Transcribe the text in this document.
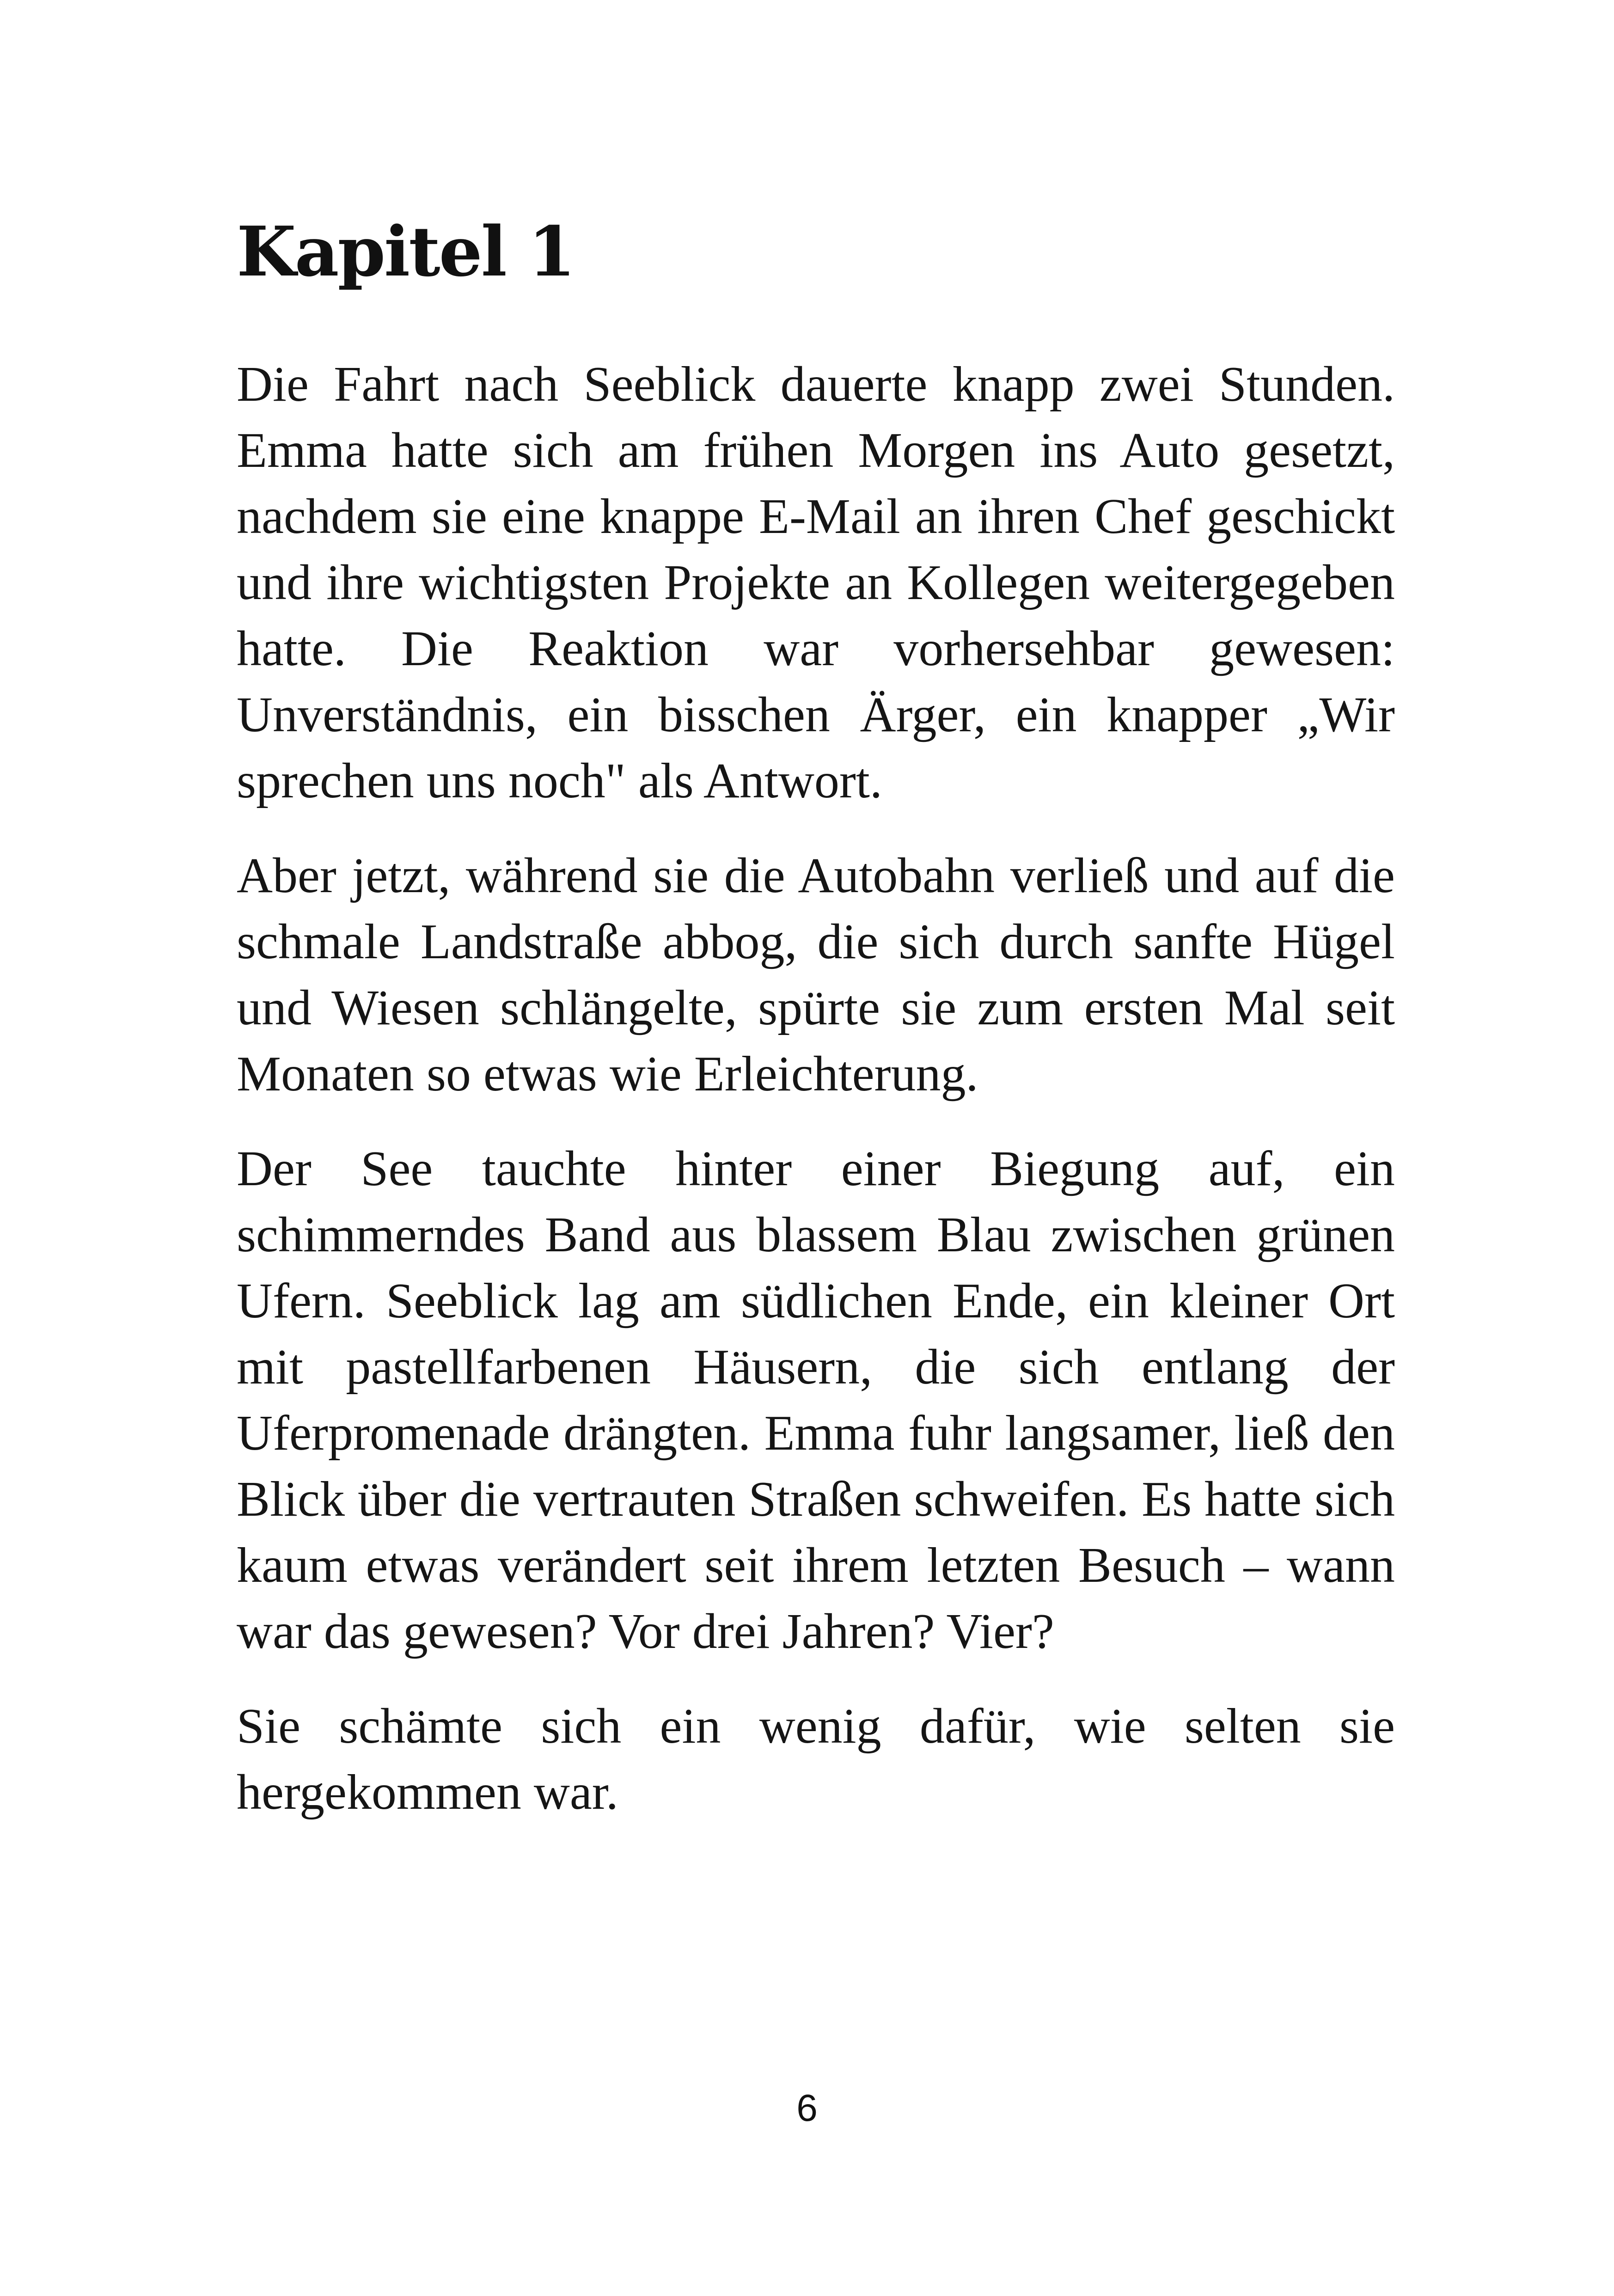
Kapitel 1

Die Fahrt nach Seeblick dauerte knapp zwei Stunden. Emma hatte sich am frühen Morgen ins Auto gesetzt, nachdem sie eine knappe E-Mail an ihren Chef geschickt und ihre wichtigsten Projekte an Kollegen weitergegeben hatte. Die Reaktion war vorhersehbar gewesen: Unverständnis, ein bisschen Ärger, ein knapper „Wir sprechen uns noch" als Antwort.

Aber jetzt, während sie die Autobahn verließ und auf die schmale Landstraße abbog, die sich durch sanfte Hügel und Wiesen schlängelte, spürte sie zum ersten Mal seit Monaten so etwas wie Erleichterung.

Der See tauchte hinter einer Biegung auf, ein schimmerndes Band aus blassem Blau zwischen grünen Ufern. Seeblick lag am südlichen Ende, ein kleiner Ort mit pastellfarbenen Häusern, die sich entlang der Uferpromenade drängten. Emma fuhr langsamer, ließ den Blick über die vertrauten Straßen schweifen. Es hatte sich kaum etwas verändert seit ihrem letzten Besuch – wann war das gewesen? Vor drei Jahren? Vier?

Sie schämte sich ein wenig dafür, wie selten sie hergekommen war.

6
